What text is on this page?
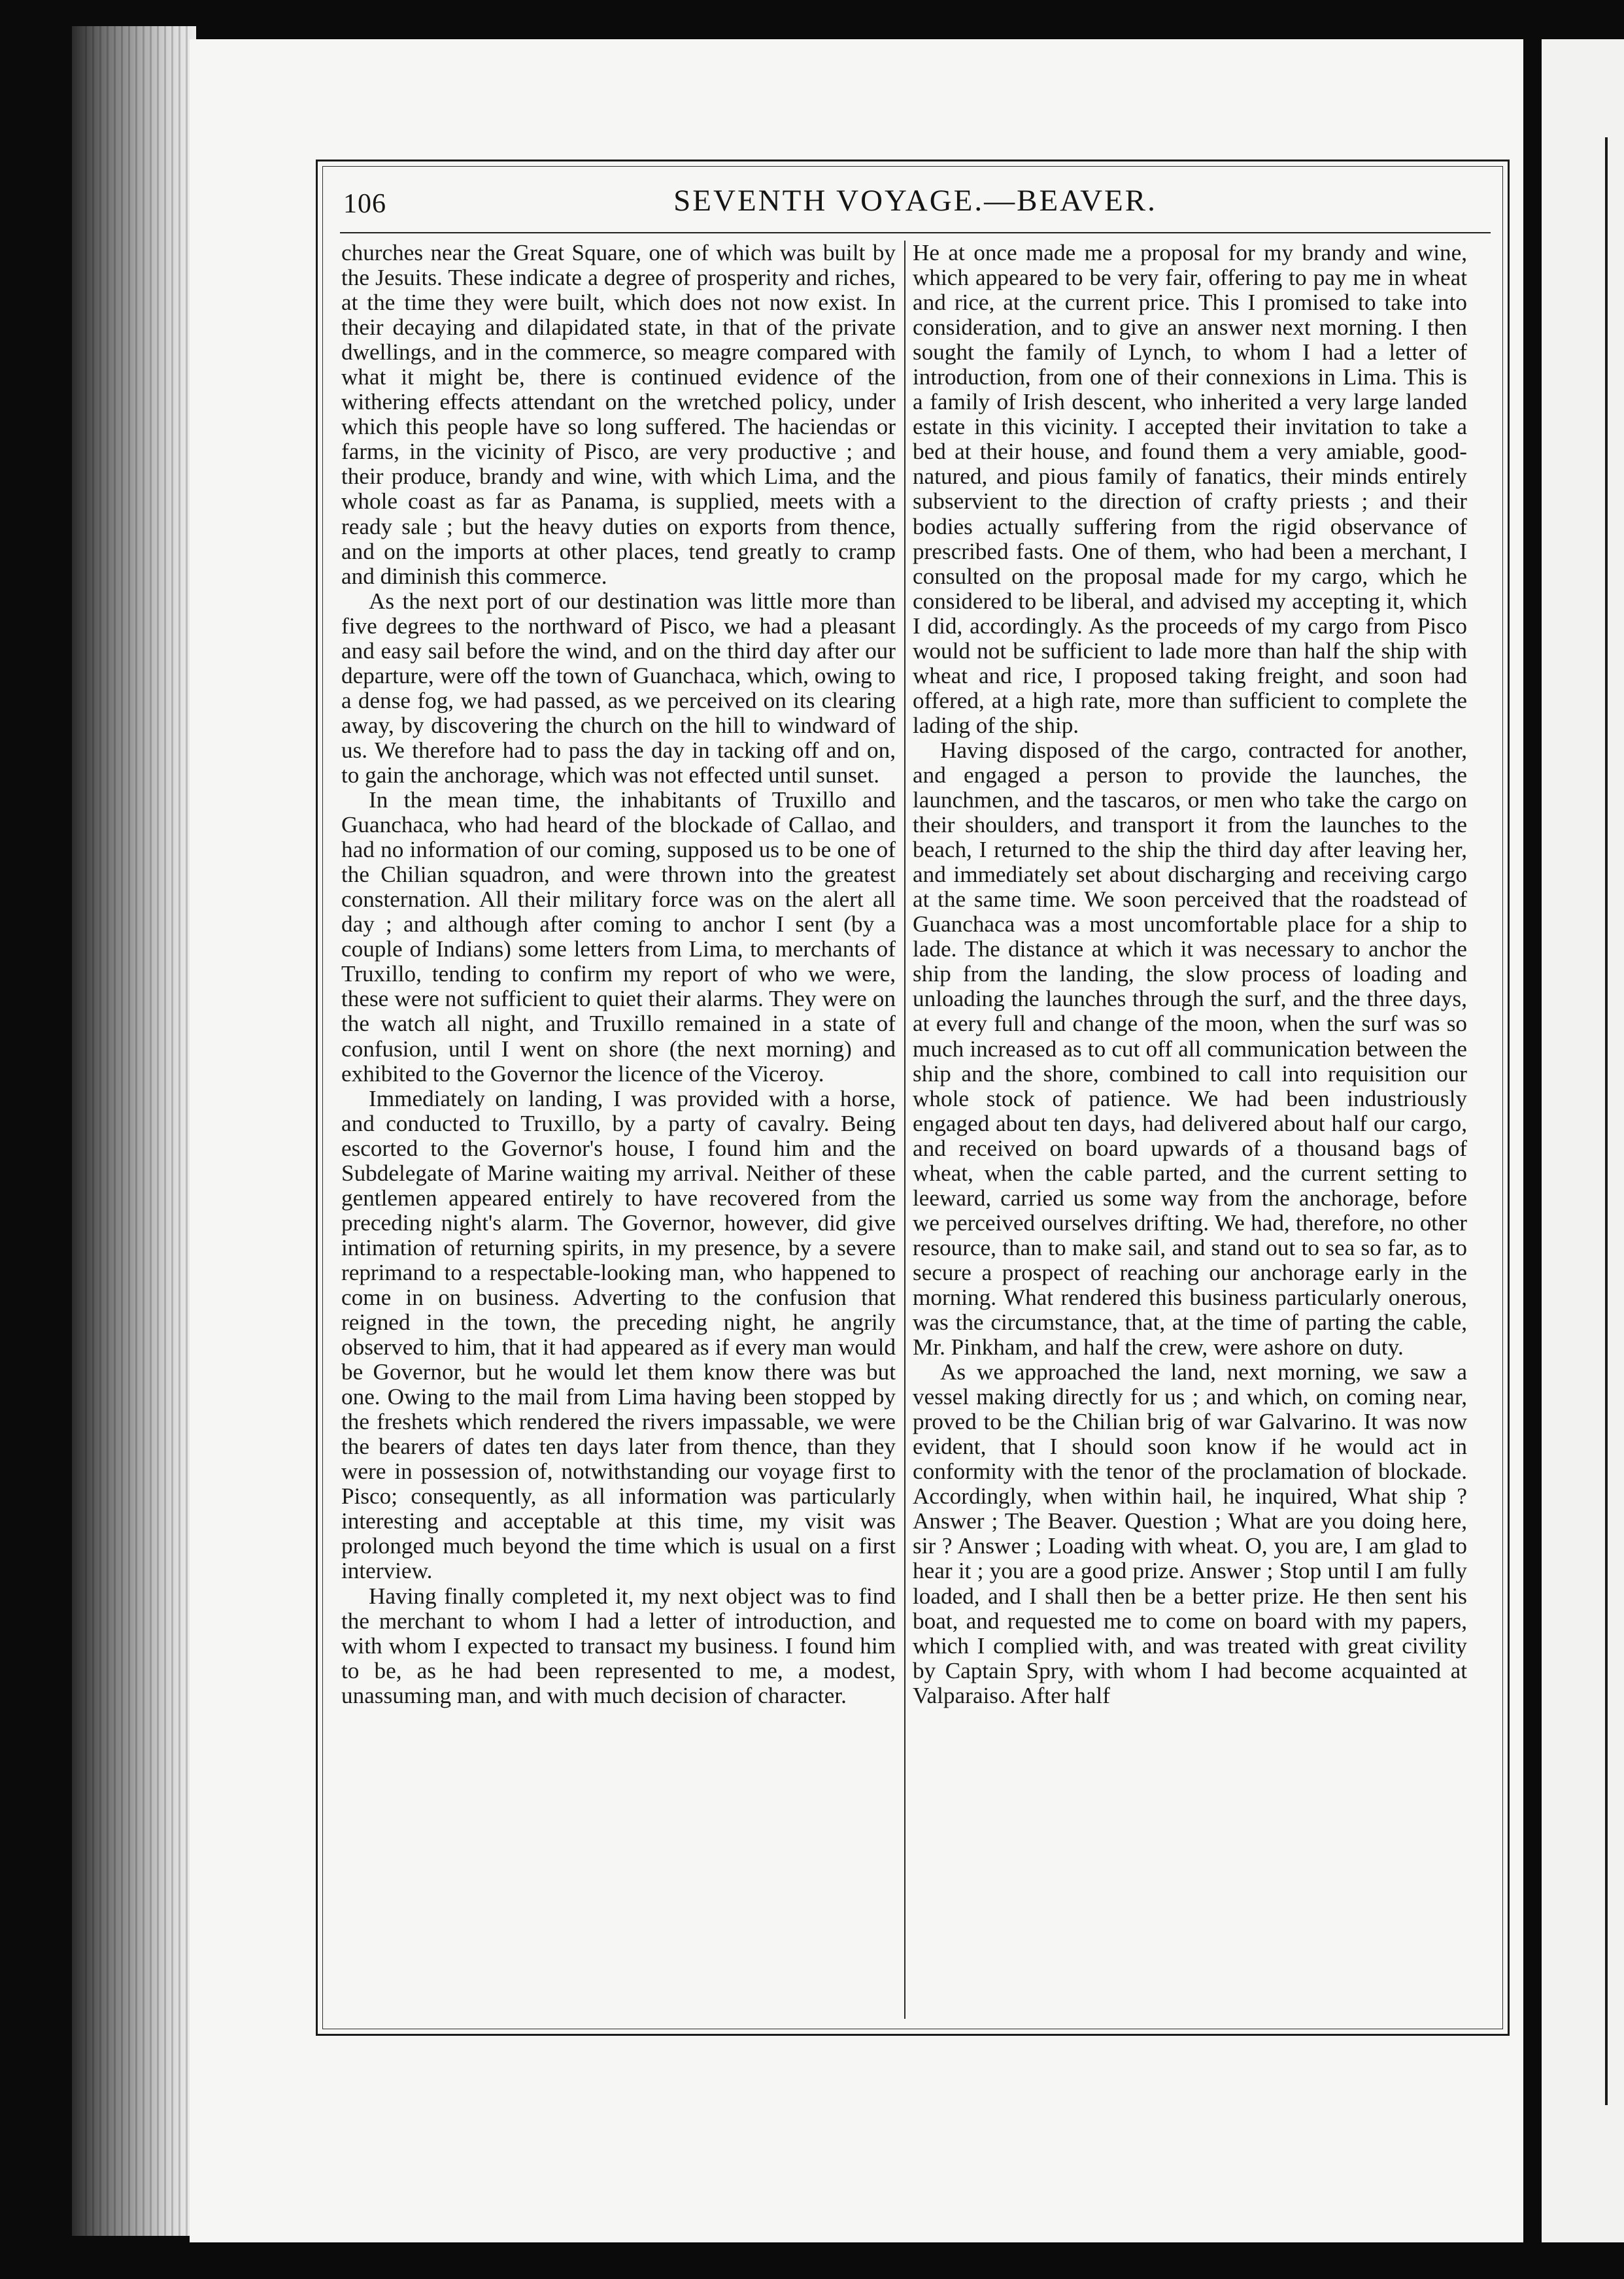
106	SEVENTH VOYAGE.—BEAVER.

churches near the Great Square, one of which was built by the Jesuits. These indicate a degree of prosperity and riches, at the time they were built, which does not now exist. In their decaying and dilapidated state, in that of the private dwellings, and in the commerce, so meagre compared with what it might be, there is continued evidence of the withering effects attendant on the wretched policy, under which this people have so long suffered. The haciendas or farms, in the vicinity of Pisco, are very productive ; and their produce, brandy and wine, with which Lima, and the whole coast as far as Panama, is supplied, meets with a ready sale ; but the heavy duties on exports from thence, and on the imports at other places, tend greatly to cramp and diminish this commerce.

As the next port of our destination was little more than five degrees to the northward of Pisco, we had a pleasant and easy sail before the wind, and on the third day after our departure, were off the town of Guanchaca, which, owing to a dense fog, we had passed, as we perceived on its clearing away, by discovering the church on the hill to windward of us. We therefore had to pass the day in tacking off and on, to gain the anchorage, which was not effected until sunset.

In the mean time, the inhabitants of Truxillo and Guanchaca, who had heard of the blockade of Callao, and had no information of our coming, supposed us to be one of the Chilian squadron, and were thrown into the greatest consternation. All their military force was on the alert all day ; and although after coming to anchor I sent (by a couple of Indians) some letters from Lima, to merchants of Truxillo, tending to confirm my report of who we were, these were not sufficient to quiet their alarms. They were on the watch all night, and Truxillo remained in a state of confusion, until I went on shore (the next morning) and exhibited to the Governor the licence of the Viceroy.

Immediately on landing, I was provided with a horse, and conducted to Truxillo, by a party of cavalry. Being escorted to the Governor's house, I found him and the Subdelegate of Marine waiting my arrival. Neither of these gentlemen appeared entirely to have recovered from the preceding night's alarm. The Governor, however, did give intimation of returning spirits, in my presence, by a severe reprimand to a respectable-looking man, who happened to come in on business. Adverting to the confusion that reigned in the town, the preceding night, he angrily observed to him, that it had appeared as if every man would be Governor, but he would let them know there was but one. Owing to the mail from Lima having been stopped by the freshets which rendered the rivers impassable, we were the bearers of dates ten days later from thence, than they were in possession of, notwithstanding our voyage first to Pisco; consequently, as all information was particularly interesting and acceptable at this time, my visit was prolonged much beyond the time which is usual on a first interview.

Having finally completed it, my next object was to find the merchant to whom I had a letter of introduction, and with whom I expected to transact my business. I found him to be, as he had been represented to me, a modest, unassuming man, and with much decision of character.

He at once made me a proposal for my brandy and wine, which appeared to be very fair, offering to pay me in wheat and rice, at the current price. This I promised to take into consideration, and to give an answer next morning. I then sought the family of Lynch, to whom I had a letter of introduction, from one of their connexions in Lima. This is a family of Irish descent, who inherited a very large landed estate in this vicinity. I accepted their invitation to take a bed at their house, and found them a very amiable, good-natured, and pious family of fanatics, their minds entirely subservient to the direction of crafty priests ; and their bodies actually suffering from the rigid observance of prescribed fasts. One of them, who had been a merchant, I consulted on the proposal made for my cargo, which he considered to be liberal, and advised my accepting it, which I did, accordingly. As the proceeds of my cargo from Pisco would not be sufficient to lade more than half the ship with wheat and rice, I proposed taking freight, and soon had offered, at a high rate, more than sufficient to complete the lading of the ship.

Having disposed of the cargo, contracted for another, and engaged a person to provide the launches, the launchmen, and the tascaros, or men who take the cargo on their shoulders, and transport it from the launches to the beach, I returned to the ship the third day after leaving her, and immediately set about discharging and receiving cargo at the same time. We soon perceived that the roadstead of Guanchaca was a most uncomfortable place for a ship to lade. The distance at which it was necessary to anchor the ship from the landing, the slow process of loading and unloading the launches through the surf, and the three days, at every full and change of the moon, when the surf was so much increased as to cut off all communication between the ship and the shore, combined to call into requisition our whole stock of patience. We had been industriously engaged about ten days, had delivered about half our cargo, and received on board upwards of a thousand bags of wheat, when the cable parted, and the current setting to leeward, carried us some way from the anchorage, before we perceived ourselves drifting. We had, therefore, no other resource, than to make sail, and stand out to sea so far, as to secure a prospect of reaching our anchorage early in the morning. What rendered this business particularly onerous, was the circumstance, that, at the time of parting the cable, Mr. Pinkham, and half the crew, were ashore on duty.

As we approached the land, next morning, we saw a vessel making directly for us ; and which, on coming near, proved to be the Chilian brig of war Galvarino. It was now evident, that I should soon know if he would act in conformity with the tenor of the proclamation of blockade. Accordingly, when within hail, he inquired, What ship ? Answer ; The Beaver. Question ; What are you doing here, sir ? Answer ; Loading with wheat. O, you are, I am glad to hear it ; you are a good prize. Answer ; Stop until I am fully loaded, and I shall then be a better prize. He then sent his boat, and requested me to come on board with my papers, which I complied with, and was treated with great civility by Captain Spry, with whom I had become acquainted at Valparaiso. After half
